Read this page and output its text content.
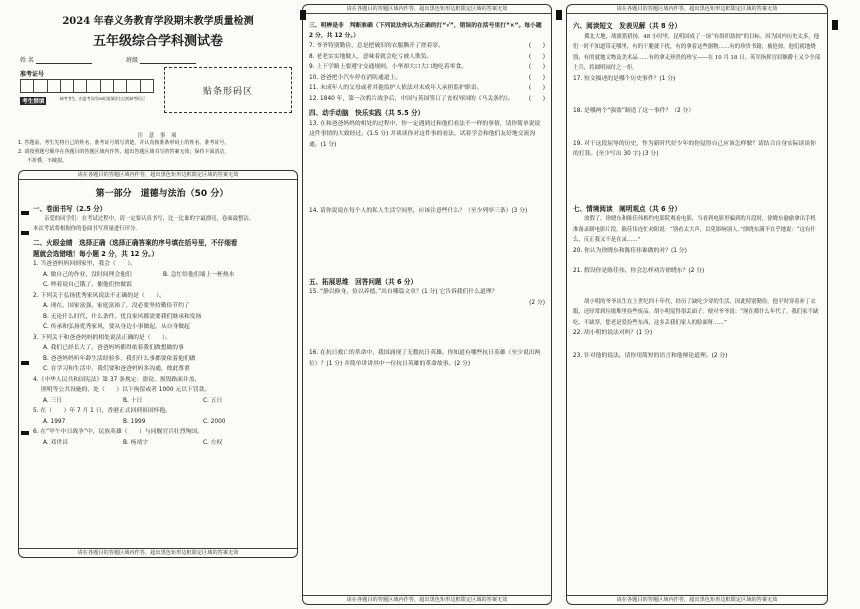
2024 年春义务教育学段期末教学质量检测
五年级综合学科测试卷
姓 名	班级
准考证号
考生禁填
缺考考生，由监考员用2B铅笔填涂右边的缺考标记
贴条形码区
注 意 事 项
1. 答题前，考生先将自己的姓名、准考证号填写清楚，并认真核准条形码上的姓名、准考证号。
2. 请按照题号顺序在各题目的答题区域内作答，超出答题区域书写的答案无效；保持卡面清洁，
不折叠，不破损。
请在各题目的答题区域内作答，超出黑色矩形边框限定区域的答案无效
第一部分　道德与法治（50 分）
一、卷面书写（2.5 分）
亲爱的同学们：在考试过程中，请一定要认真书写，比一比谁的字最漂亮、卷面最整洁。
本次考试将根据你的卷面书写质量进行评分。
二、火眼金睛　选择正确（选择正确答案的序号填在括号里，不仔细看
题就会选错哦！每小题 2 分，共 12 分。）
1. 当爸爸妈妈回到家里，我会（　　）。
A. 做自己的作业，没时间理会他们	B. 急忙给他们端上一杯热水
C. 吵着说自己饿了，催他们快做饭
2. 下列关于弘扬优秀家风说法不正确的是（　　）。
A. 现在，国家富强、家庭富裕了，没必要坚持勤俭节约了
B. 无论什么时代，什么条件，优良家风都需要我们继承和发扬
C. 传承和弘扬优秀家风，要从身边小事做起，从自身做起
3. 下列关于和爸爸妈妈的相处说法正确的是（　　）。
A. 我们已经长大了，爸爸妈妈都得依着我们做想做的事
B. 爸爸妈妈听年龄生活经验多，我们什么事都要依着他们做
C. 在学习和生活中，我们要和爸爸妈妈多沟通，彼此尊重
4.《中华人民共和国宪法》第 37 条规定：盗窃、损毁路面井盖，
照明等公共设施的，处（　　）以下拘留或者 1000 元以下罚款。
A. 三日	B. 十日	C. 五日
5. 在（　　）年 7 月 1 日，香港正式回到祖国怀抱。
A. 1997	B. 1999	C. 2000
6. 在“甲午中日战争”中，民族英雄（　　）与同舰官兵壮烈殉国。
A. 邓世昌	B. 杨靖宇	C. 左权
请在各题目的答题区域内作答，超出黑色矩形边框限定区域的答案无效
请在各题目的答题区域内作答，超出黑色矩形边框限定区域的答案无效
三、明辨是非　判断准确（下列说法你认为正确的打“√”，错误的在括号里打“×”。每小题 2 分，共 12 分。）
7. 爷爷特别勤俭，总是把破旧的衣服撕开了搓着穿。	(　　)
8. 老老实实地做人，意味着就会吃亏被人欺负。	(　　)
9. 上下学路上要遵守交通规则，小华却大口大口地吃着零食。	(　　)
10. 爸爸把小汽车停在消防通道上。	(　　)
11. 未成年人的父母或者其他监护人依法对未成年人承担监护职责。	(　　)
12. 1840 年，第一次鸦片战争后，中国与英国签订了丧权辱国的《马关条约》。	(　　)
四、动手动脑　快乐实践（共 5.5 分）
13. 在和爸爸妈妈的相处的过程中，你一定遇到过和他们看法不一样的事情，请你简单说说这件事情的大致经过。(1.5 分) 并谈谈你对这件事的看法，试着学会和他们友好地交流沟通。(1 分)
14. 请你说说在每个人的私人生活空间里，应该注意些什么？（至少列举三条）(3 分)
五、拓展思维　回答问题（共 6 分）
15. “静以修身，俭以养德。”出自哪篇文章？(1 分) 它告诉我们什么道理？
(2 分)
16. 在抗日救亡的革命中，我国涌现了无数抗日英雄。你知道有哪些抗日英雄（至少说出两位）？(1 分) 并简单讲讲其中一位抗日英雄的革命故事。(2 分)
请在各题目的答题区域内作答，超出黑色矩形边框限定区域的答案无效
请在各题目的答题区域内作答，超出黑色矩形边框限定区域的答案无效
六、阅读短文　发表见解（共 8 分）
冀北大地，战旗猎猎扬，48 小时里，昆明国成了一场“有组织劫掠”的目标。因为国内历史太多，他们一时不知道带走哪里，有的干脆就干扰，有的拿着这些器物……有的珍贵书籍，被抢掠。他们就地烧毁，有的就地文物及美术品……有的拿走珍贵的珍宝——在 10 月 18 日，英军指挥官眉额爵士又令全部士兵，将圆明园付之一炬。
17. 短文描述的是哪个历史事件？(1 分)
18. 是哪两个“强盗”制造了这一事件？（2 分）
19. 对于这段屈辱的历史，作为新时代好少年的你觉得自己应该怎样做？请结合自身实际谈谈你的打算。(至少写出 30 字) (3 分)
七、情境阅读　阐明观点（共 6 分）
放假了，徐晓东和陈佳伟相约电影院观看电影，当看到电影里骗到的月段时，徐晓东偷偷拿出手机准备录制电影片段。陈佳伟连忙劝阻说：“别看太大声，以免影响别人。”徐晓东满不在乎地说：“这有什么，反正我又不是在录……”
20. 你认为徐晓东和陈佳伟谁做的对？(1 分)
21. 假设你是陈佳伟，你会怎样劝告徐晓东？(2 分)
胡小明的爷爷出生在上世纪四十年代，经历了缺吃少穿的生活，因此特别勤俭。他平时穿着补丁衣服，还经常到垃圾堆里捡些废品。胡小明觉得很丢面子。便对爷爷说：“现在都什么年代了，我们家不缺吃、不缺穿，您老是爱捡些东西，这多丢我们家人的脸面呀……”
22. 胡小明的说法对吗？(1 分)
23. 针对他的说法，请你用简短的语言和他辩论道理。(2 分)
请在各题目的答题区域内作答，超出黑色矩形边框限定区域的答案无效
